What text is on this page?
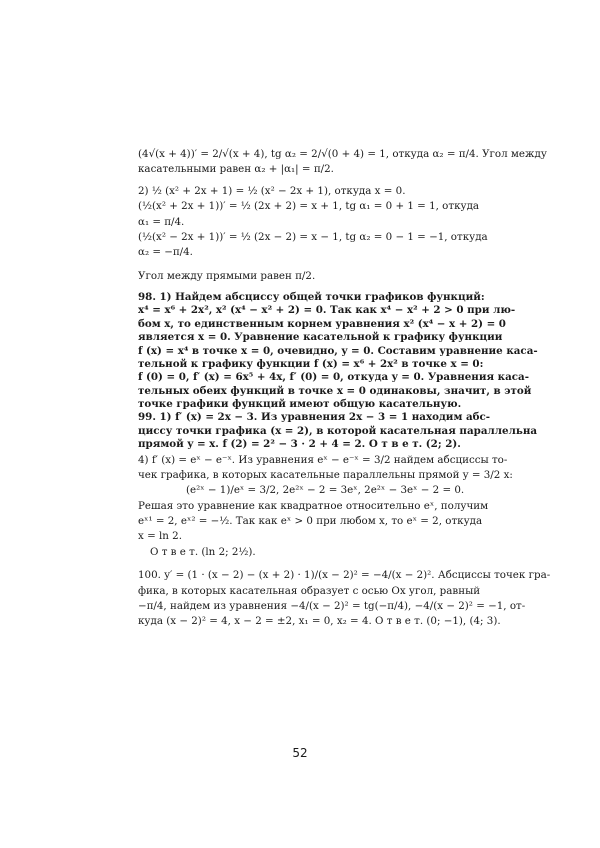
(4√(x + 4))′ = 2/√(x + 4), tg α₂ = 2/√(0 + 4) = 1, откуда α₂ = π/4. Угол между
касательными равен α₂ + |α₁| = π/2.
2) ½ (x² + 2x + 1) = ½ (x² − 2x + 1), откуда x = 0.
(½(x² + 2x + 1))′ = ½ (2x + 2) = x + 1, tg α₁ = 0 + 1 = 1, откуда
α₁ = π/4.
(½(x² − 2x + 1))′ = ½ (2x − 2) = x − 1, tg α₂ = 0 − 1 = −1, откуда
α₂ = −π/4.
Угол между прямыми равен π/2.
98. 1) Найдем абсциссу общей точки графиков функций:
x⁴ = x⁶ + 2x², x² (x⁴ − x² + 2) = 0. Так как x⁴ − x² + 2 > 0 при лю-
бом x, то единственным корнем уравнения x² (x⁴ − x + 2) = 0
является x = 0. Уравнение касательной к графику функции
f (x) = x⁴ в точке x = 0, очевидно, y = 0. Составим уравнение каса-
тельной к графику функции f (x) = x⁶ + 2x² в точке x = 0:
f (0) = 0, f′ (x) = 6x⁵ + 4x, f′ (0) = 0, откуда y = 0. Уравнения каса-
тельных обеих функций в точке x = 0 одинаковы, значит, в этой
точке графики функций имеют общую касательную.
99. 1) f′ (x) = 2x − 3. Из уравнения 2x − 3 = 1 находим абс-
циссу точки графика (x = 2), в которой касательная параллельна
прямой y = x. f (2) = 2² − 3 · 2 + 4 = 2. О т в е т. (2; 2).
4) f′ (x) = eˣ − e⁻ˣ. Из уравнения eˣ − e⁻ˣ = 3/2 найдем абсциссы то-
чек графика, в которых касательные параллельны прямой y = 3/2 x:
(e²ˣ − 1)/eˣ = 3/2, 2e²ˣ − 2 = 3eˣ, 2e²ˣ − 3eˣ − 2 = 0.
Решая это уравнение как квадратное относительно eˣ, получим
eˣ¹ = 2, eˣ² = −½. Так как eˣ > 0 при любом x, то eˣ = 2, откуда
x = ln 2.
О т в е т. (ln 2; 2½).
100. y′ = (1 · (x − 2) − (x + 2) · 1)/(x − 2)² = −4/(x − 2)². Абсциссы точек гра-
фика, в которых касательная образует с осью Ox угол, равный
−π/4, найдем из уравнения −4/(x − 2)² = tg(−π/4), −4/(x − 2)² = −1, от-
куда (x − 2)² = 4, x − 2 = ±2, x₁ = 0, x₂ = 4. О т в е т. (0; −1), (4; 3).
52
